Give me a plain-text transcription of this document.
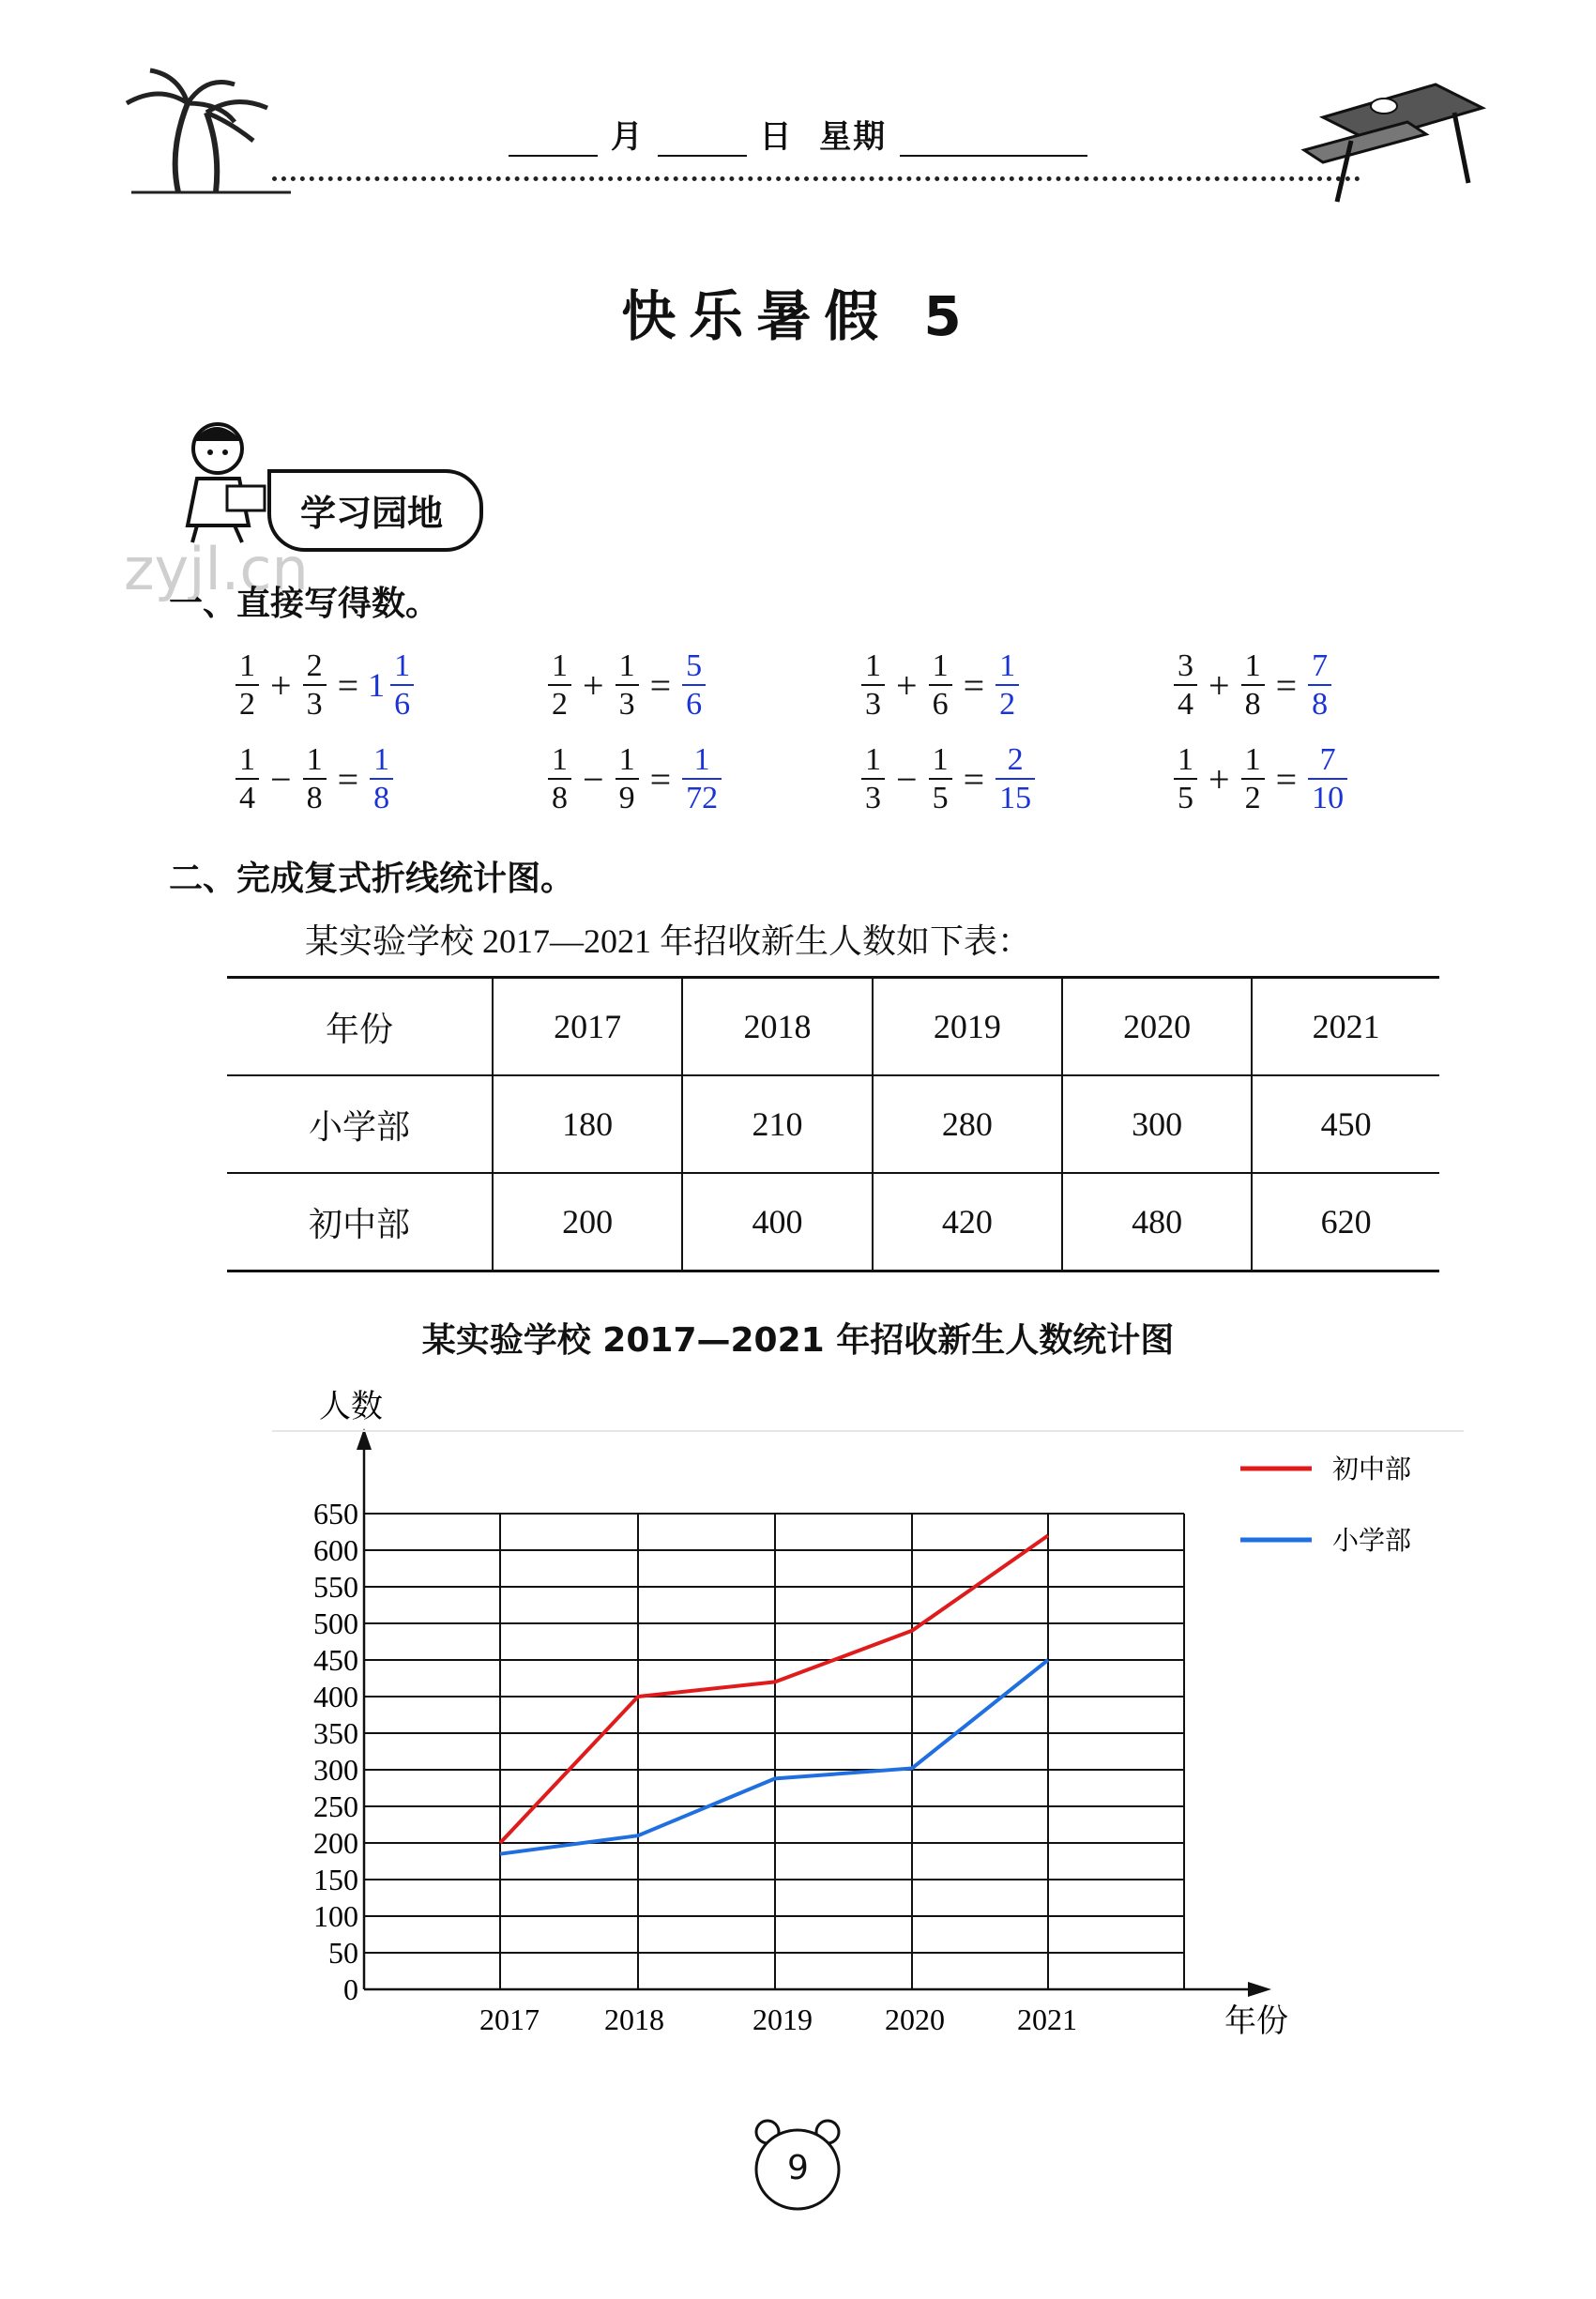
月	日 星期
快乐暑假 5
学习园地
zyjl.cn
一、直接写得数。
$\frac{1}{2} + \frac{2}{3} = 1 \frac{1}{6}$	$\frac{1}{2} + \frac{1}{3} = \frac{5}{6}$	$\frac{1}{3} + \frac{1}{6} = \frac{1}{2}$	$\frac{3}{4} + \frac{1}{8} = \frac{7}{8}$
$\frac{1}{4} - \frac{1}{8} = \frac{1}{8}$	$\frac{1}{8} - \frac{1}{9} = \frac{1}{72}$	$\frac{1}{3} - \frac{1}{5} = \frac{2}{15}$	$\frac{1}{5} + \frac{1}{2} = \frac{7}{10}$
二、完成复式折线统计图。
某实验学校 2017—2021 年招收新生人数如下表：
年份	2017	2018	2019	2020	2021
小学部	180	210	280	300	450
初中部	200	400	420	480	620
某实验学校 2017—2021 年招收新生人数统计图
0
50
100
150
200
250
300
350
400
450
500
550
600
650
2017 2018	2019 2020 2021
人数
年份
初中部
小学部
9
